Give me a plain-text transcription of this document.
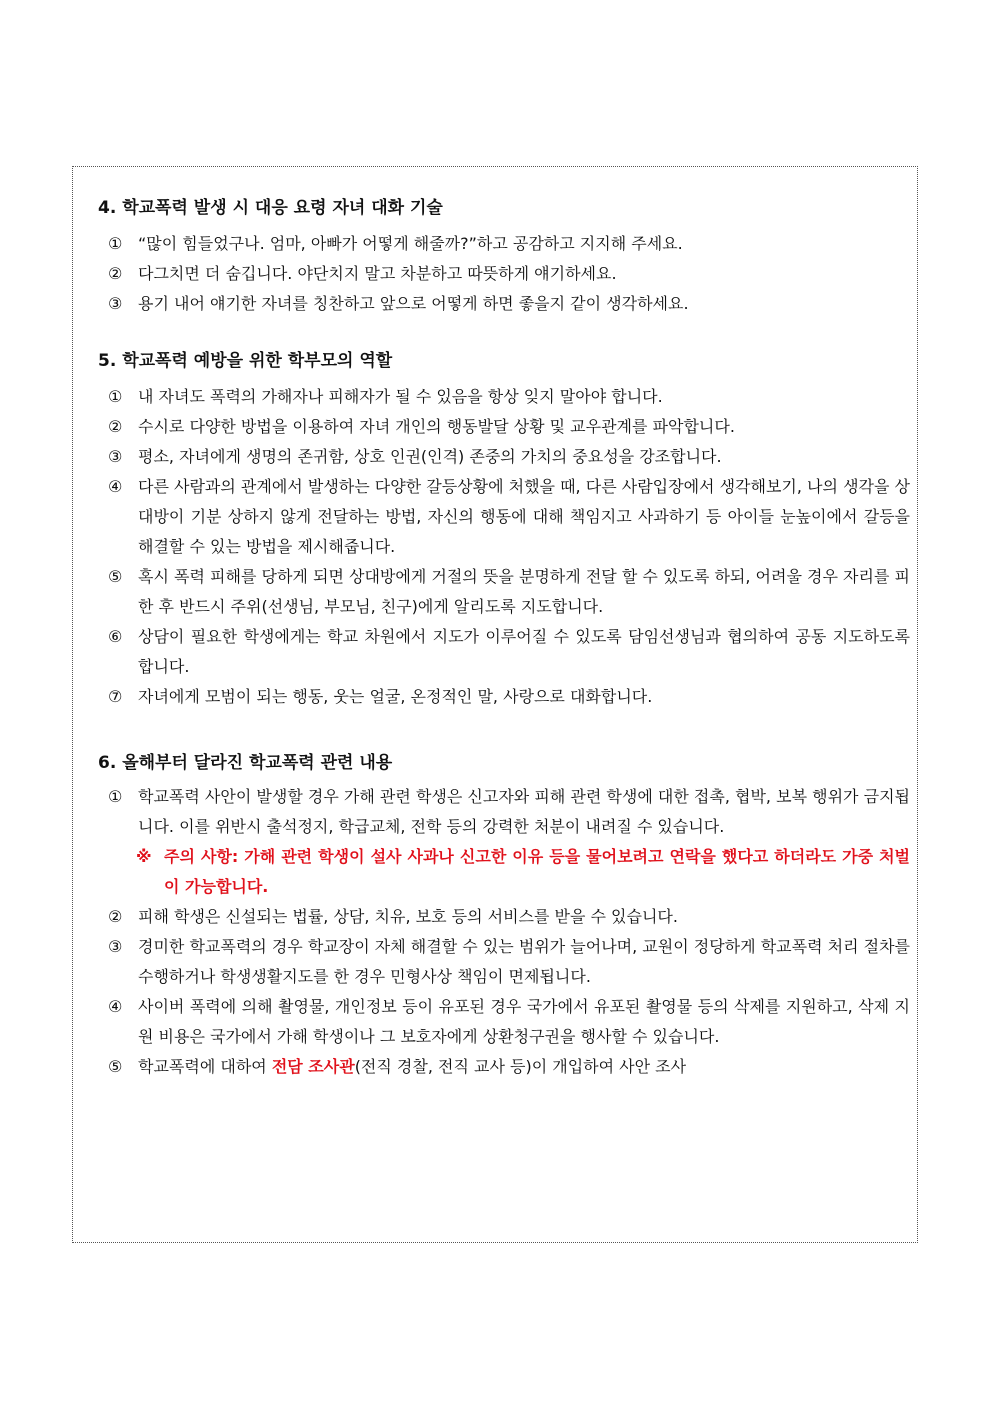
4. 학교폭력 발생 시 대응 요령 자녀 대화 기술

① “많이 힘들었구나. 엄마, 아빠가 어떻게 해줄까?”하고 공감하고 지지해 주세요.
② 다그치면 더 숨깁니다. 야단치지 말고 차분하고 따뜻하게 얘기하세요.
③ 용기 내어 얘기한 자녀를 칭찬하고 앞으로 어떻게 하면 좋을지 같이 생각하세요.

5. 학교폭력 예방을 위한 학부모의 역할

① 내 자녀도 폭력의 가해자나 피해자가 될 수 있음을 항상 잊지 말아야 합니다.
② 수시로 다양한 방법을 이용하여 자녀 개인의 행동발달 상황 및 교우관계를 파악합니다.
③ 평소, 자녀에게 생명의 존귀함, 상호 인권(인격) 존중의 가치의 중요성을 강조합니다.
④ 다른 사람과의 관계에서 발생하는 다양한 갈등상황에 처했을 때, 다른 사람입장에서 생각해보기, 나의 생각을 상대방이 기분 상하지 않게 전달하는 방법, 자신의 행동에 대해 책임지고 사과하기 등 아이들 눈높이에서 갈등을 해결할 수 있는 방법을 제시해줍니다.
⑤ 혹시 폭력 피해를 당하게 되면 상대방에게 거절의 뜻을 분명하게 전달 할 수 있도록 하되, 어려울 경우 자리를 피한 후 반드시 주위(선생님, 부모님, 친구)에게 알리도록 지도합니다.
⑥ 상담이 필요한 학생에게는 학교 차원에서 지도가 이루어질 수 있도록 담임선생님과 협의하여 공동 지도하도록 합니다.
⑦ 자녀에게 모범이 되는 행동, 웃는 얼굴, 온정적인 말, 사랑으로 대화합니다.

6. 올해부터 달라진 학교폭력 관련 내용

① 학교폭력 사안이 발생할 경우 가해 관련 학생은 신고자와 피해 관련 학생에 대한 접촉, 협박, 보복 행위가 금지됩니다. 이를 위반시 출석정지, 학급교체, 전학 등의 강력한 처분이 내려질 수 있습니다.
※ 주의 사항: 가해 관련 학생이 설사 사과나 신고한 이유 등을 물어보려고 연락을 했다고 하더라도 가중 처벌이 가능합니다.
② 피해 학생은 신설되는 법률, 상담, 치유, 보호 등의 서비스를 받을 수 있습니다.
③ 경미한 학교폭력의 경우 학교장이 자체 해결할 수 있는 범위가 늘어나며, 교원이 정당하게 학교폭력 처리 절차를 수행하거나 학생생활지도를 한 경우 민형사상 책임이 면제됩니다.
④ 사이버 폭력에 의해 촬영물, 개인정보 등이 유포된 경우 국가에서 유포된 촬영물 등의 삭제를 지원하고, 삭제 지원 비용은 국가에서 가해 학생이나 그 보호자에게 상환청구권을 행사할 수 있습니다.
⑤ 학교폭력에 대하여 전담 조사관(전직 경찰, 전직 교사 등)이 개입하여 사안 조사
